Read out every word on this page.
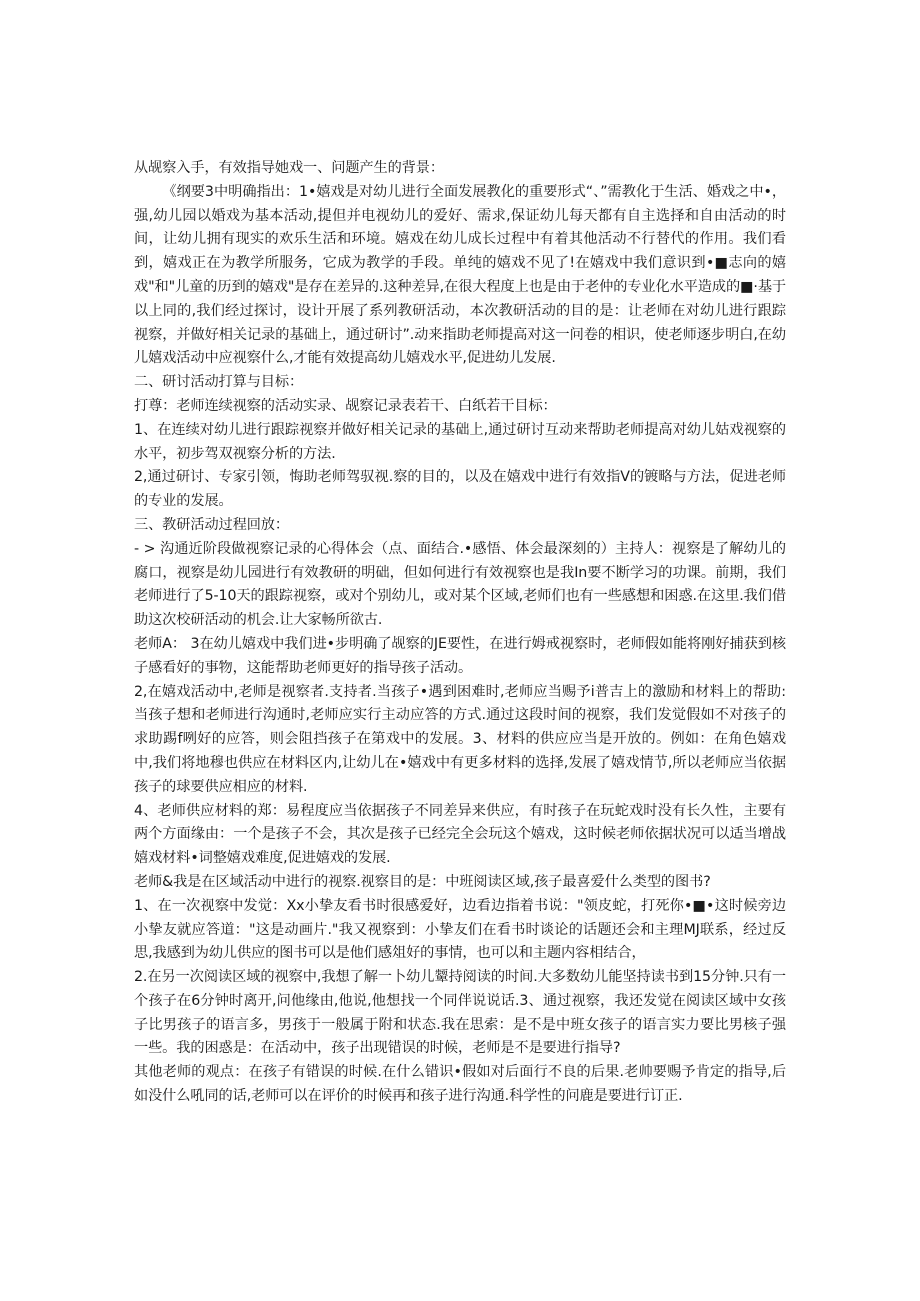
从觇察入手，有效指导她戏一、问题产生的背景：

《纲要3中明确指出：1•嬉戏是对幼儿进行全面发展教化的重要形式“、”需教化于生活、婚戏之中•，强,幼儿园以婚戏为基本活动,提但并电视幼儿的爱好、需求,保证幼儿每天都有自主选择和自由活动的时间，让幼儿拥有现实的欢乐生活和环境。嬉戏在幼儿成长过程中有着其他活动不行替代的作用。我们看到，嬉戏正在为教学所服务，它成为教学的手段。单纯的嬉戏不见了!在嬉戏中我们意识到•■志向的嬉戏"和"儿童的历到的嬉戏"是存在差异的.这种差异,在很大程度上也是由于老仲的专业化水平造成的■·基于以上同的,我们经过探讨，设计开展了系列教研活动，本次教研活动的目的是：让老师在对幼儿进行跟踪视察，并做好相关记录的基础上，通过研讨”.动来指助老师提高对这一问卷的相识，使老师逐步明白,在幼儿嬉戏活动中应视察什么,才能有效提高幼儿嬉戏水平,促进幼儿发展.

二、研讨活动打算与目标：

打尊：老师连续视察的活动实录、觇察记录表若干、白纸若干目标：

1、在连续对幼儿进行跟踪视察并做好相关记录的基础上,通过研讨互动来帮助老师提高对幼儿姑戏视察的水平，初步驾双视察分析的方法.

2,通过研讨、专家引领，悔助老师驾驭视.察的目的，以及在嬉戏中进行有效指V的镀略与方法，促进老师的专业的发展。

三、教研活动过程回放：

- > 沟通近阶段做视察记录的心得体会（点、面结合.•感悟、体会最深刻的）主持人：视察是了解幼儿的腐口，视察是幼儿园进行有效教研的明础，但如何进行有效视察也是我In要不断学习的功课。前期，我们老师进行了5-10天的跟踪视察，或对个别幼儿，或对某个区域,老师们也有一些感想和困惑.在这里.我们借助这次校研活动的机会.让大家畅所欲古.

老师A： 3在幼儿嬉戏中我们进•步明确了觇察的JE要性，在进行姆戒视察时，老师假如能将刚好捕获到核子感看好的事物，这能帮助老师更好的指导孩子活动。

2,在嬉戏活动中,老师是视察者.支持者.当孩子•遇到困难时,老师应当赐予i普吉上的激励和材料上的帮助: 当孩子想和老师进行沟通时,老师应实行主动应答的方式.通过这段时间的视察，我们发觉假如不对孩子的求助踢f咧好的应答，则会阻挡孩子在第戏中的发展。3、材料的供应应当是开放的。例如：在角色嬉戏中,我们将地穆也供应在材料区内,让幼儿在•嬉戏中有更多材料的选择,发展了嬉戏情节,所以老师应当依据孩子的球要供应相应的材料.

4、老师供应材料的郑：易程度应当依据孩子不同差异来供应，有时孩子在玩蛇戏时没有长久性，主要有两个方面缘由：一个是孩子不会，其次是孩子已经完全会玩这个嬉戏，这时候老师依据状况可以适当增战嬉戏材料•词整嬉戏难度,促进嬉戏的发展.

老师&我是在区域活动中进行的视察.视察目的是：中班阅读区域,孩子最喜爱什么类型的图书?

1、在一次视察中发觉：Xx小挚友看书时很感爱好，边看边指着书说："领皮蛇，打死你•■•这时候旁边小挚友就应答道："这是动画片."我又视察到：小挚友们在看书时谈论的话题还会和主理MJ联系，经过反思,我感到为幼儿供应的图书可以是他们感俎好的事情，也可以和主题内容相结合，

2.在另一次阅读区域的视察中,我想了解一卜幼儿颦持阅读的时间.大多数幼儿能坚持读书到15分钟.只有一个孩子在6分钟时离开,问他缘由,他说,他想找一个同伴说说话.3、通过视察，我还发觉在阅读区域中女孩子比男孩子的语言多，男孩于一般属于附和状态.我在思索：是不是中班女孩子的语言实力要比男核子强一些。我的困惑是：在活动中，孩子出现错误的时候，老师是不是要进行指导?

其他老师的观点：在孩子有错误的时候.在什么错识•假如对后面行不良的后果.老帅要赐予肯定的指导,后如没什么吼同的话,老师可以在评价的时候再和孩子进行沟通.科学性的问鹿是要进行订正.
